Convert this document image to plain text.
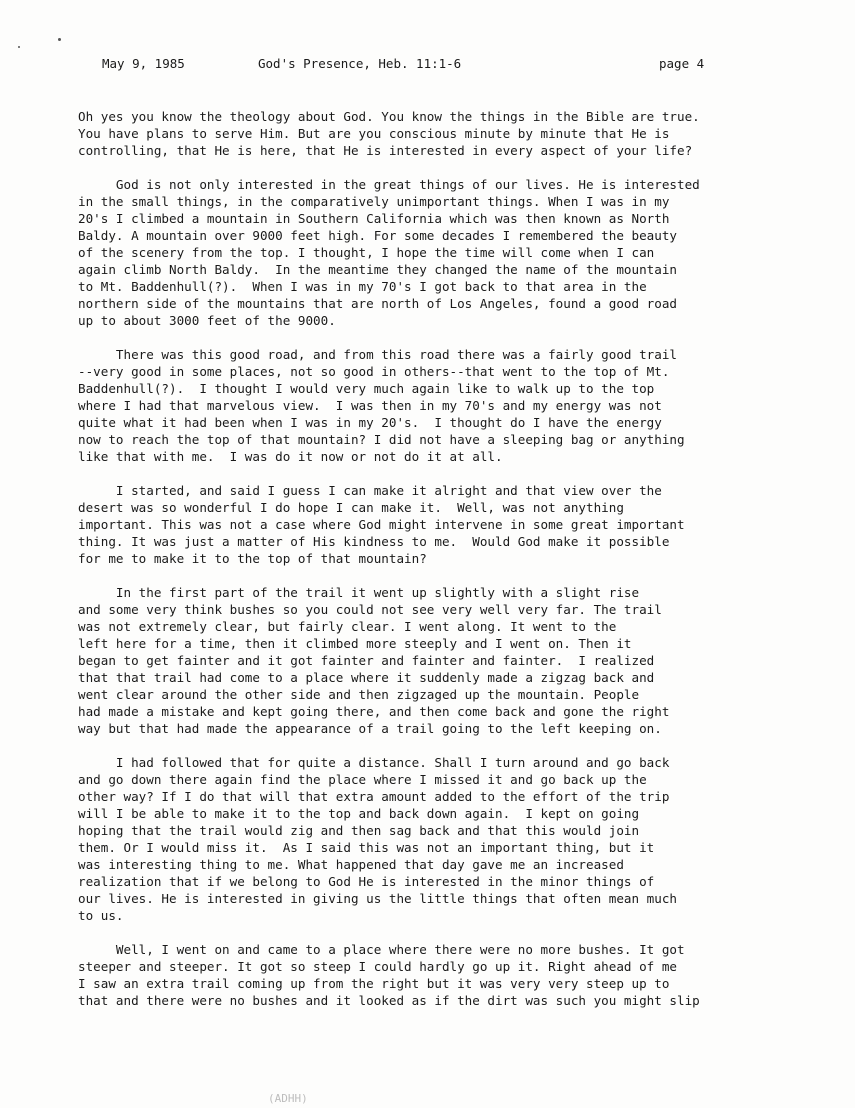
May 9, 1985	God's Presence, Heb. 11:1-6	page 4
Oh yes you know the theology about God. You know the things in the Bible are true.
You have plans to serve Him. But are you conscious minute by minute that He is
controlling, that He is here, that He is interested in every aspect of your life?
God is not only interested in the great things of our lives. He is interested
in the small things, in the comparatively unimportant things. When I was in my
20's I climbed a mountain in Southern California which was then known as North
Baldy. A mountain over 9000 feet high. For some decades I remembered the beauty
of the scenery from the top. I thought, I hope the time will come when I can
again climb North Baldy.  In the meantime they changed the name of the mountain
to Mt. Baddenhull(?).  When I was in my 70's I got back to that area in the
northern side of the mountains that are north of Los Angeles, found a good road
up to about 3000 feet of the 9000.
There was this good road, and from this road there was a fairly good trail
--very good in some places, not so good in others--that went to the top of Mt.
Baddenhull(?).  I thought I would very much again like to walk up to the top
where I had that marvelous view.  I was then in my 70's and my energy was not
quite what it had been when I was in my 20's.  I thought do I have the energy
now to reach the top of that mountain? I did not have a sleeping bag or anything
like that with me.  I was do it now or not do it at all.
I started, and said I guess I can make it alright and that view over the
desert was so wonderful I do hope I can make it.  Well, was not anything
important. This was not a case where God might intervene in some great important
thing. It was just a matter of His kindness to me.  Would God make it possible
for me to make it to the top of that mountain?
In the first part of the trail it went up slightly with a slight rise
and some very think bushes so you could not see very well very far. The trail
was not extremely clear, but fairly clear. I went along. It went to the
left here for a time, then it climbed more steeply and I went on. Then it
began to get fainter and it got fainter and fainter and fainter.  I realized
that that trail had come to a place where it suddenly made a zigzag back and
went clear around the other side and then zigzaged up the mountain. People
had made a mistake and kept going there, and then come back and gone the right
way but that had made the appearance of a trail going to the left keeping on.
I had followed that for quite a distance. Shall I turn around and go back
and go down there again find the place where I missed it and go back up the
other way? If I do that will that extra amount added to the effort of the trip
will I be able to make it to the top and back down again.  I kept on going
hoping that the trail would zig and then sag back and that this would join
them. Or I would miss it.  As I said this was not an important thing, but it
was interesting thing to me. What happened that day gave me an increased
realization that if we belong to God He is interested in the minor things of
our lives. He is interested in giving us the little things that often mean much
to us.
Well, I went on and came to a place where there were no more bushes. It got
steeper and steeper. It got so steep I could hardly go up it. Right ahead of me
I saw an extra trail coming up from the right but it was very very steep up to
that and there were no bushes and it looked as if the dirt was such you might slip
(ADHH)
